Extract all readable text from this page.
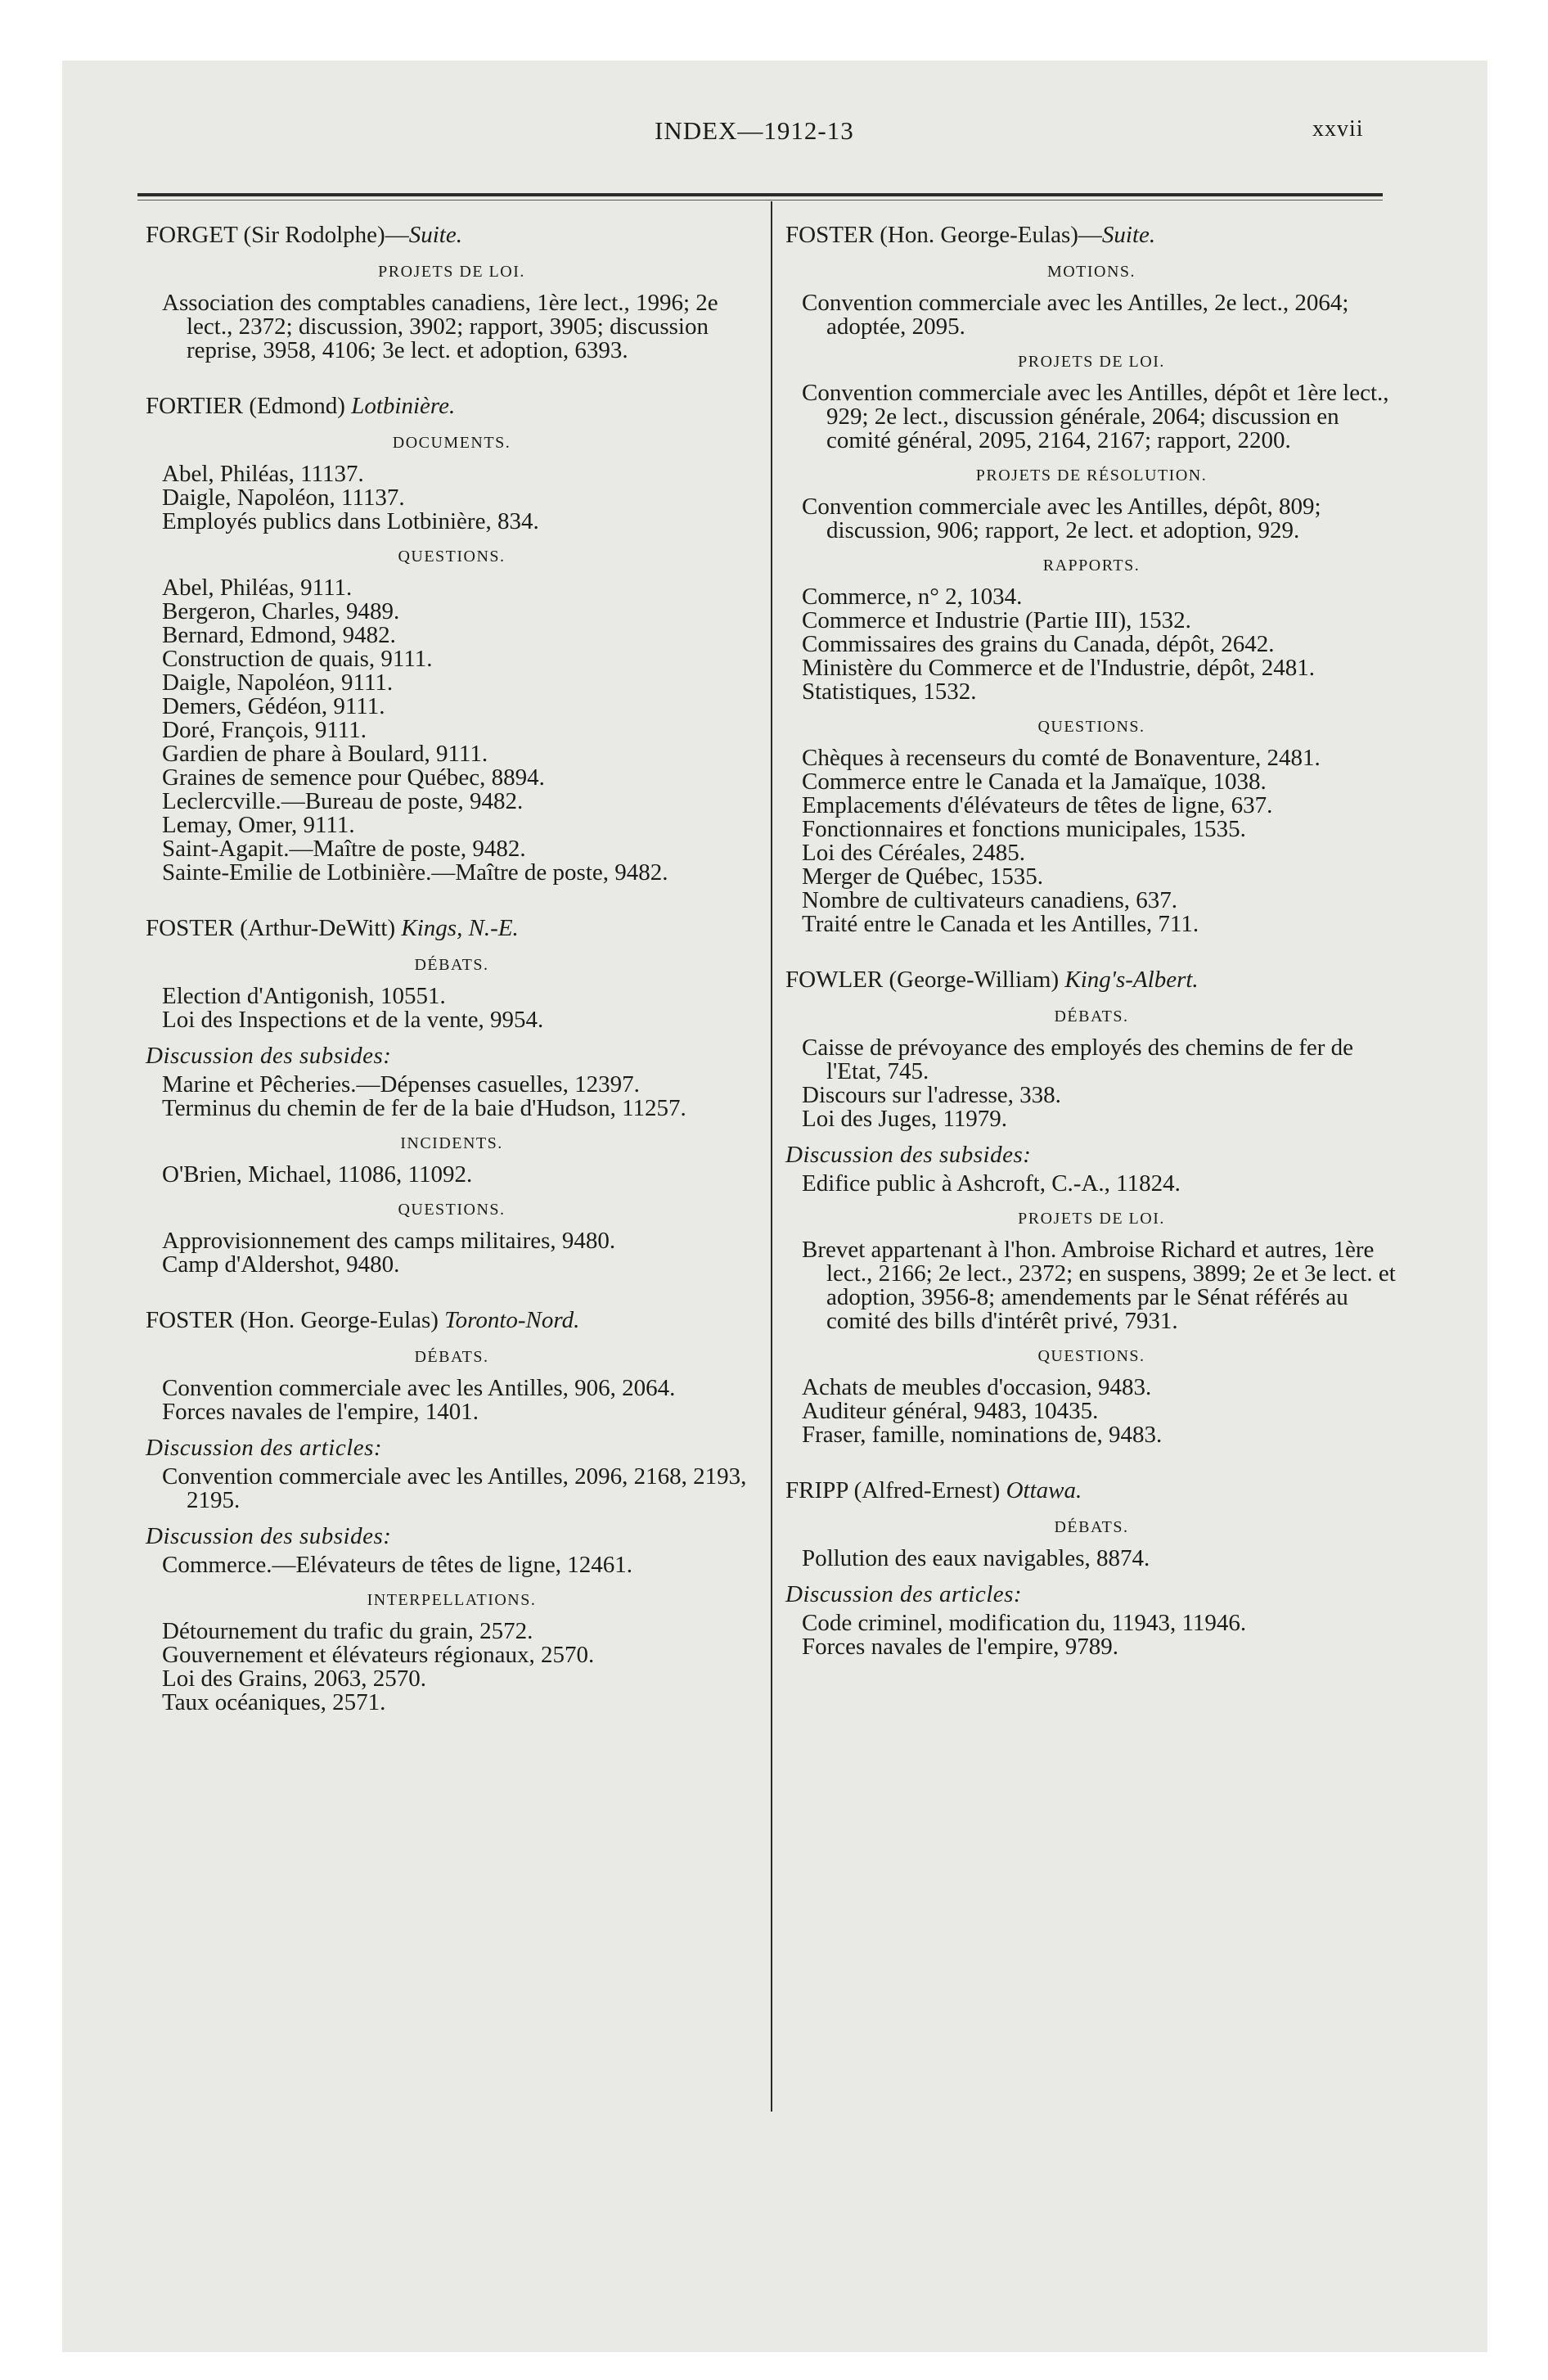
INDEX—1912-13	xxvii
FORGET (Sir Rodolphe)—Suite.
PROJETS DE LOI.

Association des comptables canadiens, 1ère lect., 1996; 2e lect., 2372; discussion, 3902; rapport, 3905; discussion reprise, 3958, 4106; 3e lect. et adoption, 6393.

FORTIER (Edmond) Lotbinière.
DOCUMENTS.

Abel, Philéas, 11137.

Daigle, Napoléon, 11137.

Employés publics dans Lotbinière, 834.

QUESTIONS.

Abel, Philéas, 9111.

Bergeron, Charles, 9489.

Bernard, Edmond, 9482.

Construction de quais, 9111.

Daigle, Napoléon, 9111.

Demers, Gédéon, 9111.

Doré, François, 9111.

Gardien de phare à Boulard, 9111.

Graines de semence pour Québec, 8894.

Leclercville.—Bureau de poste, 9482.

Lemay, Omer, 9111.

Saint-Agapit.—Maître de poste, 9482.

Sainte-Emilie de Lotbinière.—Maître de poste, 9482.

FOSTER (Arthur-DeWitt) Kings, N.-E.
DÉBATS.

Election d'Antigonish, 10551.

Loi des Inspections et de la vente, 9954.

Discussion des subsides:

Marine et Pêcheries.—Dépenses casuelles, 12397.

Terminus du chemin de fer de la baie d'Hudson, 11257.

INCIDENTS.

O'Brien, Michael, 11086, 11092.

QUESTIONS.

Approvisionnement des camps militaires, 9480.

Camp d'Aldershot, 9480.

FOSTER (Hon. George-Eulas) Toronto-Nord.
DÉBATS.

Convention commerciale avec les Antilles, 906, 2064.

Forces navales de l'empire, 1401.

Discussion des articles:

Convention commerciale avec les Antilles, 2096, 2168, 2193, 2195.

Discussion des subsides:

Commerce.—Elévateurs de têtes de ligne, 12461.

INTERPELLATIONS.

Détournement du trafic du grain, 2572.

Gouvernement et élévateurs régionaux, 2570.

Loi des Grains, 2063, 2570.

Taux océaniques, 2571.

FOSTER (Hon. George-Eulas)—Suite.
MOTIONS.

Convention commerciale avec les Antilles, 2e lect., 2064; adoptée, 2095.

PROJETS DE LOI.

Convention commerciale avec les Antilles, dépôt et 1ère lect., 929; 2e lect., discussion générale, 2064; discussion en comité général, 2095, 2164, 2167; rapport, 2200.

PROJETS DE RÉSOLUTION.

Convention commerciale avec les Antilles, dépôt, 809; discussion, 906; rapport, 2e lect. et adoption, 929.

RAPPORTS.

Commerce, n° 2, 1034.

Commerce et Industrie (Partie III), 1532.

Commissaires des grains du Canada, dépôt, 2642.

Ministère du Commerce et de l'Industrie, dépôt, 2481.

Statistiques, 1532.

QUESTIONS.

Chèques à recenseurs du comté de Bonaventure, 2481.

Commerce entre le Canada et la Jamaïque, 1038.

Emplacements d'élévateurs de têtes de ligne, 637.

Fonctionnaires et fonctions municipales, 1535.

Loi des Céréales, 2485.

Merger de Québec, 1535.

Nombre de cultivateurs canadiens, 637.

Traité entre le Canada et les Antilles, 711.

FOWLER (George-William) King's-Albert.
DÉBATS.

Caisse de prévoyance des employés des chemins de fer de l'Etat, 745.

Discours sur l'adresse, 338.

Loi des Juges, 11979.

Discussion des subsides:

Edifice public à Ashcroft, C.-A., 11824.

PROJETS DE LOI.

Brevet appartenant à l'hon. Ambroise Richard et autres, 1ère lect., 2166; 2e lect., 2372; en suspens, 3899; 2e et 3e lect. et adoption, 3956-8; amendements par le Sénat référés au comité des bills d'intérêt privé, 7931.

QUESTIONS.

Achats de meubles d'occasion, 9483.

Auditeur général, 9483, 10435.

Fraser, famille, nominations de, 9483.

FRIPP (Alfred-Ernest) Ottawa.
DÉBATS.

Pollution des eaux navigables, 8874.

Discussion des articles:

Code criminel, modification du, 11943, 11946.

Forces navales de l'empire, 9789.
